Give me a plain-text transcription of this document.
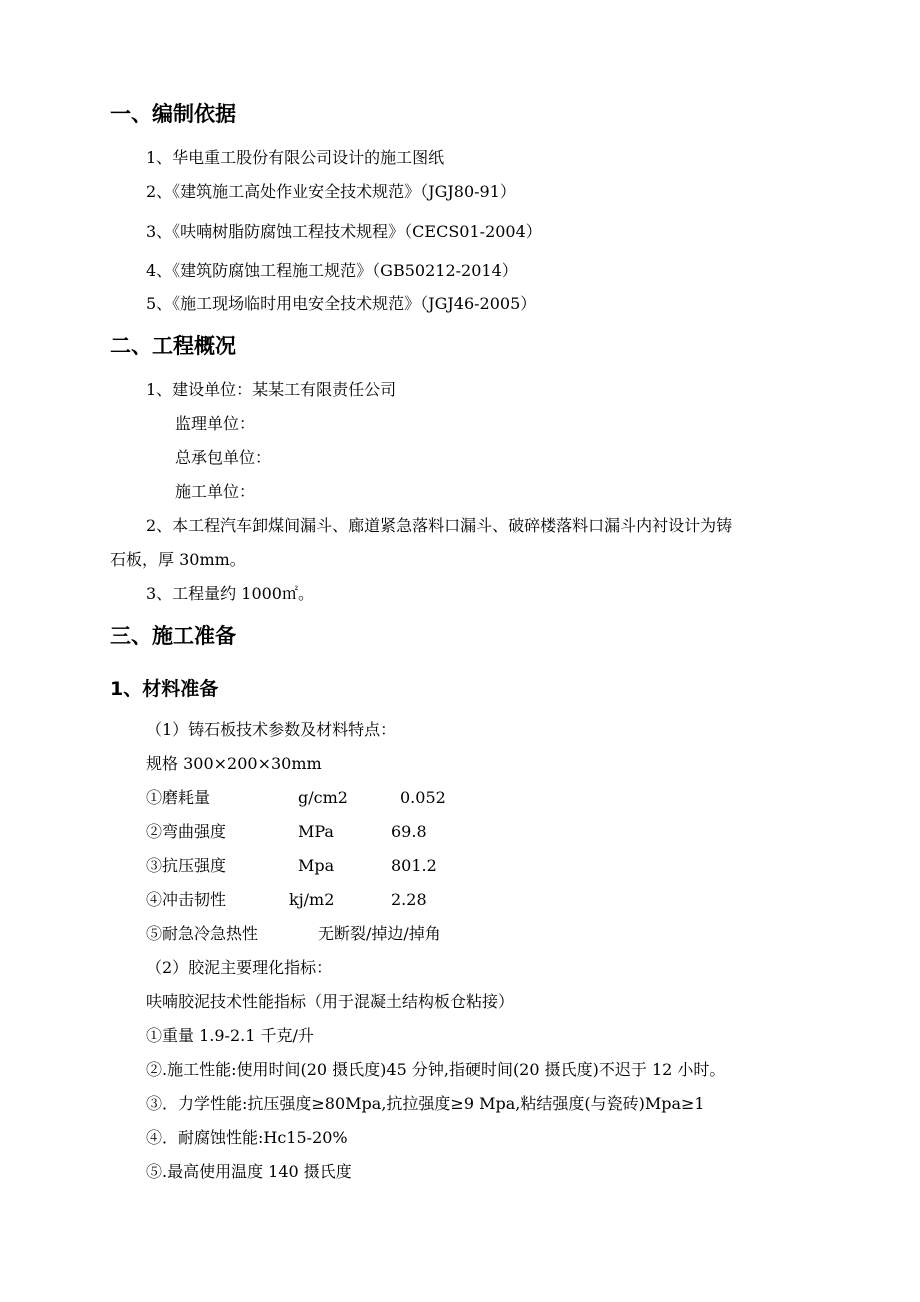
一、编制依据
1、华电重工股份有限公司设计的施工图纸
2、《建筑施工高处作业安全技术规范》（JGJ80-91）
3、《呋喃树脂防腐蚀工程技术规程》（CECS01-2004）
4、《建筑防腐蚀工程施工规范》（GB50212-2014）
5、《施工现场临时用电安全技术规范》（JGJ46-2005）
二、工程概况
1、建设单位：某某工有限责任公司
监理单位：
总承包单位：
施工单位：
2、本工程汽车卸煤间漏斗、廊道紧急落料口漏斗、破碎楼落料口漏斗内衬设计为铸
石板，厚 30mm。
3、工程量约 1000㎡。
三、施工准备
1、材料准备
（1）铸石板技术参数及材料特点：
规格 300×200×30mm
①磨耗量	g/cm2	0.052
②弯曲强度	MPa	69.8
③抗压强度	Mpa	801.2
④冲击韧性	kj/m2	2.28
⑤耐急冷急热性	无断裂/掉边/掉角
（2）胶泥主要理化指标：
呋喃胶泥技术性能指标（用于混凝土结构板仓粘接）
①重量 1.9-2.1 千克/升
②.施工性能:使用时间(20 摄氏度)45 分钟,指硬时间(20 摄氏度)不迟于 12 小时。
③．力学性能:抗压强度≥80Mpa,抗拉强度≥9 Mpa,粘结强度(与瓷砖)Mpa≥1
④．耐腐蚀性能:Hc15-20%
⑤.最高使用温度 140 摄氏度
